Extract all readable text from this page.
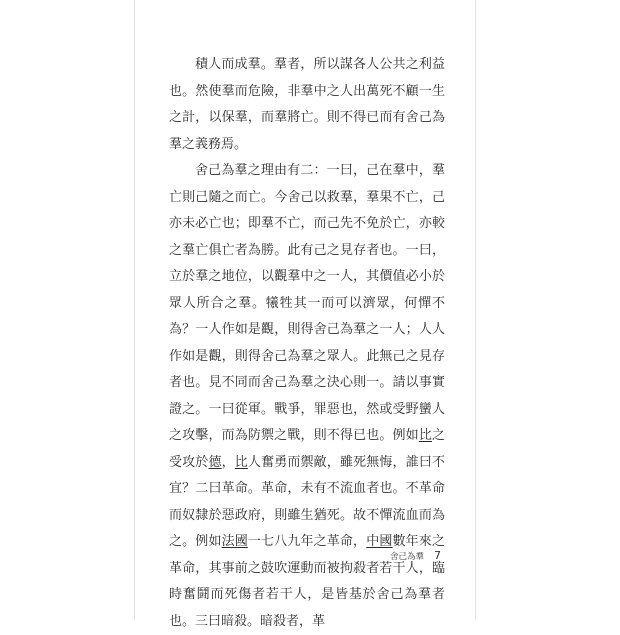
積人而成羣。羣者，所以謀各人公共之利益也。然使羣而危險，非羣中之人出萬死不顧一生之計，以保羣，而羣將亡。則不得已而有舍己為羣之義務焉。

舍己為羣之理由有二：一曰，己在羣中，羣亡則己隨之而亡。今舍己以救羣，羣果不亡，己亦未必亡也；即羣不亡，而己先不免於亡，亦較之羣亡俱亡者為勝。此有己之見存者也。一曰，立於羣之地位，以觀羣中之一人，其價值必小於眾人所合之羣。犧牲其一而可以濟眾，何憚不為？一人作如是觀，則得舍己為羣之一人；人人作如是觀，則得舍己為羣之眾人。此無己之見存者也。見不同而舍己為羣之決心則一。請以事實證之。一曰從軍。戰爭，罪惡也，然或受野蠻人之攻擊，而為防禦之戰，則不得已也。例如比之受攻於德，比人奮勇而禦敵，雖死無悔，誰曰不宜？二曰革命。革命，未有不流血者也。不革命而奴隸於惡政府，則雖生猶死。故不憚流血而為之。例如法國一七八九年之革命，中國數年來之革命，其事前之鼓吹運動而被拘殺者若干人，臨時奮鬪而死傷者若干人，是皆基於舍己為羣者也。三曰暗殺。暗殺者，革

舍己為羣 7
